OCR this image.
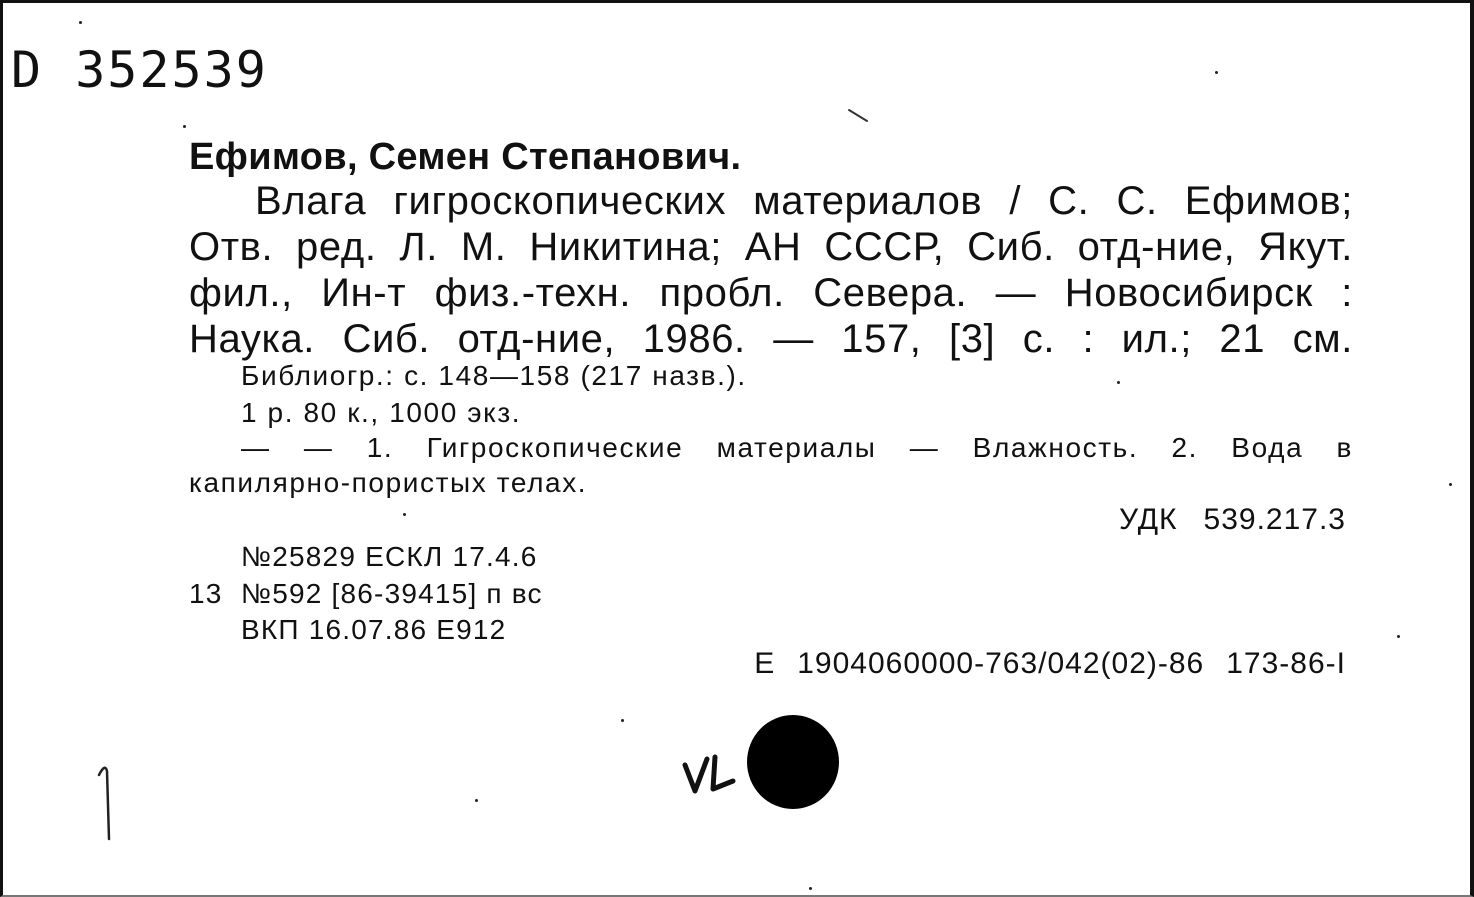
D 352539
Ефимов, Семен Степанович.
Влага гигроскопических материалов / С. С. Ефимов;
Отв. ред. Л. М. Никитина; АН СССР, Сиб. отд-ние, Якут.
фил., Ин-т физ.-техн. пробл. Севера. — Новосибирск :
Наука. Сиб. отд-ние, 1986. — 157, [3] с. : ил.; 21 см.
Библиогр.: с. 148—158 (217 назв.).
1 р. 80 к., 1000 экз.
— — 1. Гигроскопические материалы — Влажность. 2. Вода в
капилярно-пористых телах.
УДК 539.217.3
№25829 ЕСКЛ 17.4.6
13 №592 [86-39415] п вс
ВКП 16.07.86 Е912
Е 1904060000-763/042(02)-86 173-86-I
